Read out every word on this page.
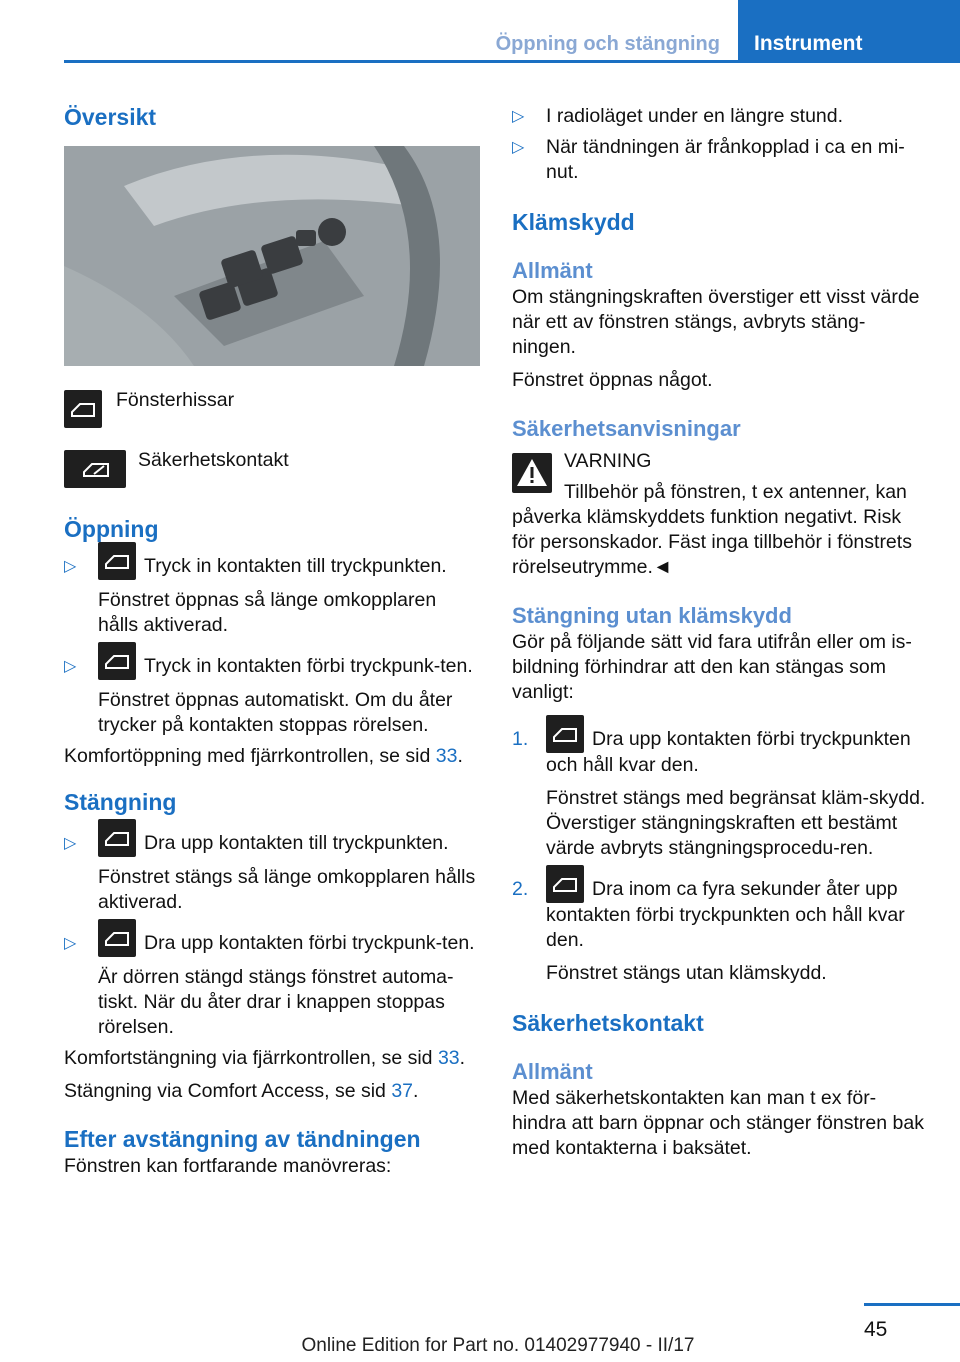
Öppning och stängning	Instrument
Översikt
Fönsterhissar
Säkerhetskontakt
Öppning
▷	Tryck in kontakten till tryckpunkten.

Fönstret öppnas så länge omkopplaren hålls aktiverad.

▷	Tryck in kontakten förbi tryckpunk-ten.

Fönstret öppnas automatiskt. Om du åter trycker på kontakten stoppas rörelsen.

Komfortöppning med fjärrkontrollen, se sid 33.

Stängning
▷	Dra upp kontakten till tryckpunkten.

Fönstret stängs så länge omkopplaren hålls aktiverad.

▷	Dra upp kontakten förbi tryckpunk-ten.

Är dörren stängd stängs fönstret automa-tiskt. När du åter drar i knappen stoppas rörelsen.

Komfortstängning via fjärrkontrollen, se sid 33.

Stängning via Comfort Access, se sid 37.

Efter avstängning av tändningen

Fönstren kan fortfarande manövreras:

▷	I radioläget under en längre stund.
▷	När tändningen är frånkopplad i ca en mi-nut.
Klämskydd
Allmänt

Om stängningskraften överstiger ett visst värde när ett av fönstren stängs, avbryts stäng-ningen.

Fönstret öppnas något.

Säkerhetsanvisningar

VARNING

Tillbehör på fönstren, t ex antenner, kan påverka klämskyddets funktion negativt. Risk för personskador. Fäst inga tillbehör i fönstrets rörelseutrymme.◄

Stängning utan klämskydd

Gör på följande sätt vid fara utifrån eller om is-bildning förhindrar att den kan stängas som vanligt:

1.	Dra upp kontakten förbi tryckpunkten och håll kvar den.

Fönstret stängs med begränsat kläm-skydd. Överstiger stängningskraften ett bestämt värde avbryts stängningsprocedu-ren.

2.	Dra inom ca fyra sekunder åter upp kontakten förbi tryckpunkten och håll kvar den.

Fönstret stängs utan klämskydd.

Säkerhetskontakt
Allmänt

Med säkerhetskontakten kan man t ex för-hindra att barn öppnar och stänger fönstren bak med kontakterna i baksätet.

45
Online Edition for Part no. 01402977940 - II/17
